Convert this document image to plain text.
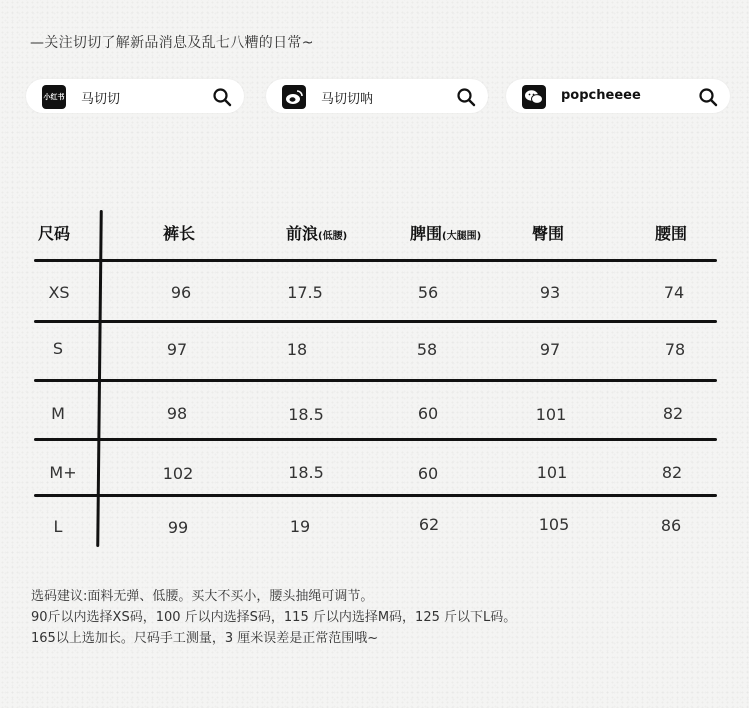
—关注切切了解新品消息及乱七八糟的日常~
小红书 马切切	马切切呐	popcheeee
尺码	裤长	前浪(低腰)	脾围(大腿围)	臀围	腰围
XS	96	17.5	56	93	74
S	97	18	58	97	78
M	98	18.5	60	101	82
M+	102	18.5	60	101	82
L	99	19	62	105	86
选码建议:面料无弹、低腰。买大不买小，腰头抽绳可调节。
90斤以内选择XS码，100 斤以内选择S码，115 斤以内选择M码，125 斤以下L码。
165以上选加长。尺码手工测量，3 厘米误差是正常范围哦~
